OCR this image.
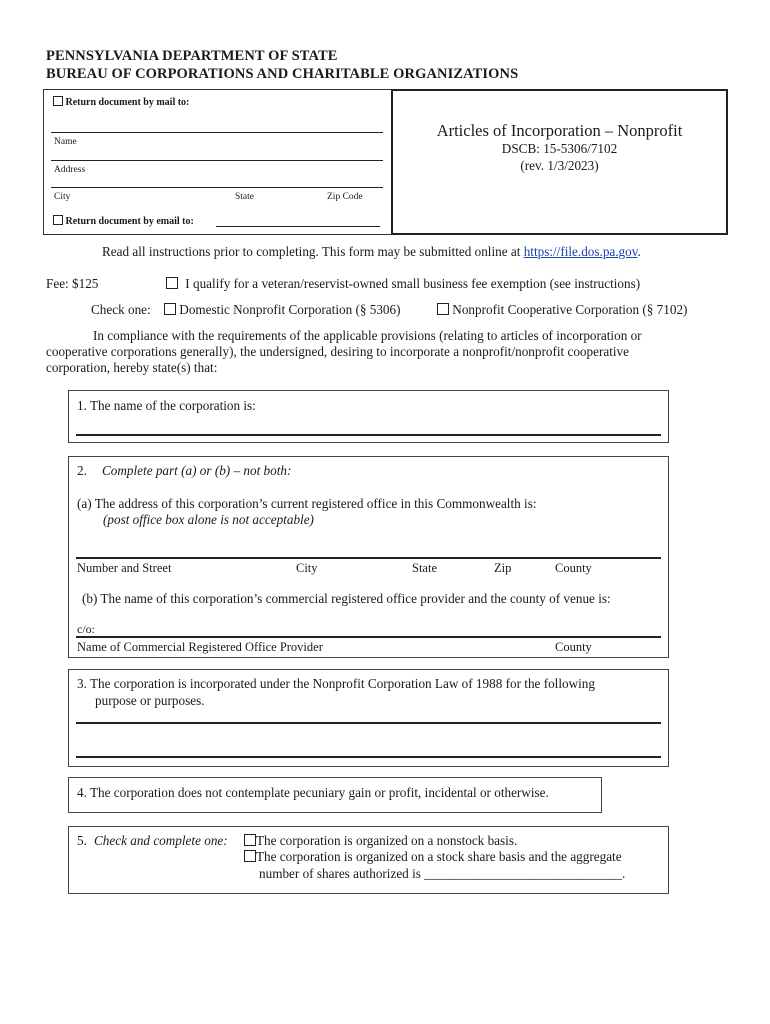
PENNSYLVANIA DEPARTMENT OF STATE
BUREAU OF CORPORATIONS AND CHARITABLE ORGANIZATIONS
Return document by mail to:
Name
Address
City	State	Zip Code
Return document by email to:
Articles of Incorporation – Nonprofit
DSCB: 15-5306/7102
(rev. 1/3/2023)
Read all instructions prior to completing. This form may be submitted online at https://file.dos.pa.gov.
Fee: $125	I qualify for a veteran/reservist-owned small business fee exemption (see instructions)
Check one:	Domestic Nonprofit Corporation (§ 5306)	Nonprofit Cooperative Corporation (§ 7102)
In compliance with the requirements of the applicable provisions (relating to articles of incorporation or
cooperative corporations generally), the undersigned, desiring to incorporate a nonprofit/nonprofit cooperative
corporation, hereby state(s) that:
1. The name of the corporation is:
2. Complete part (a) or (b) – not both:
(a) The address of this corporation’s current registered office in this Commonwealth is:
(post office box alone is not acceptable)
Number and Street	City	State	Zip	County
(b) The name of this corporation’s commercial registered office provider and the county of venue is:
c/o:
Name of Commercial Registered Office Provider	County
3. The corporation is incorporated under the Nonprofit Corporation Law of 1988 for the following
purpose or purposes.
4. The corporation does not contemplate pecuniary gain or profit, incidental or otherwise.
5. Check and complete one:	The corporation is organized on a nonstock basis.
The corporation is organized on a stock share basis and the aggregate
number of shares authorized is ______________________________.
